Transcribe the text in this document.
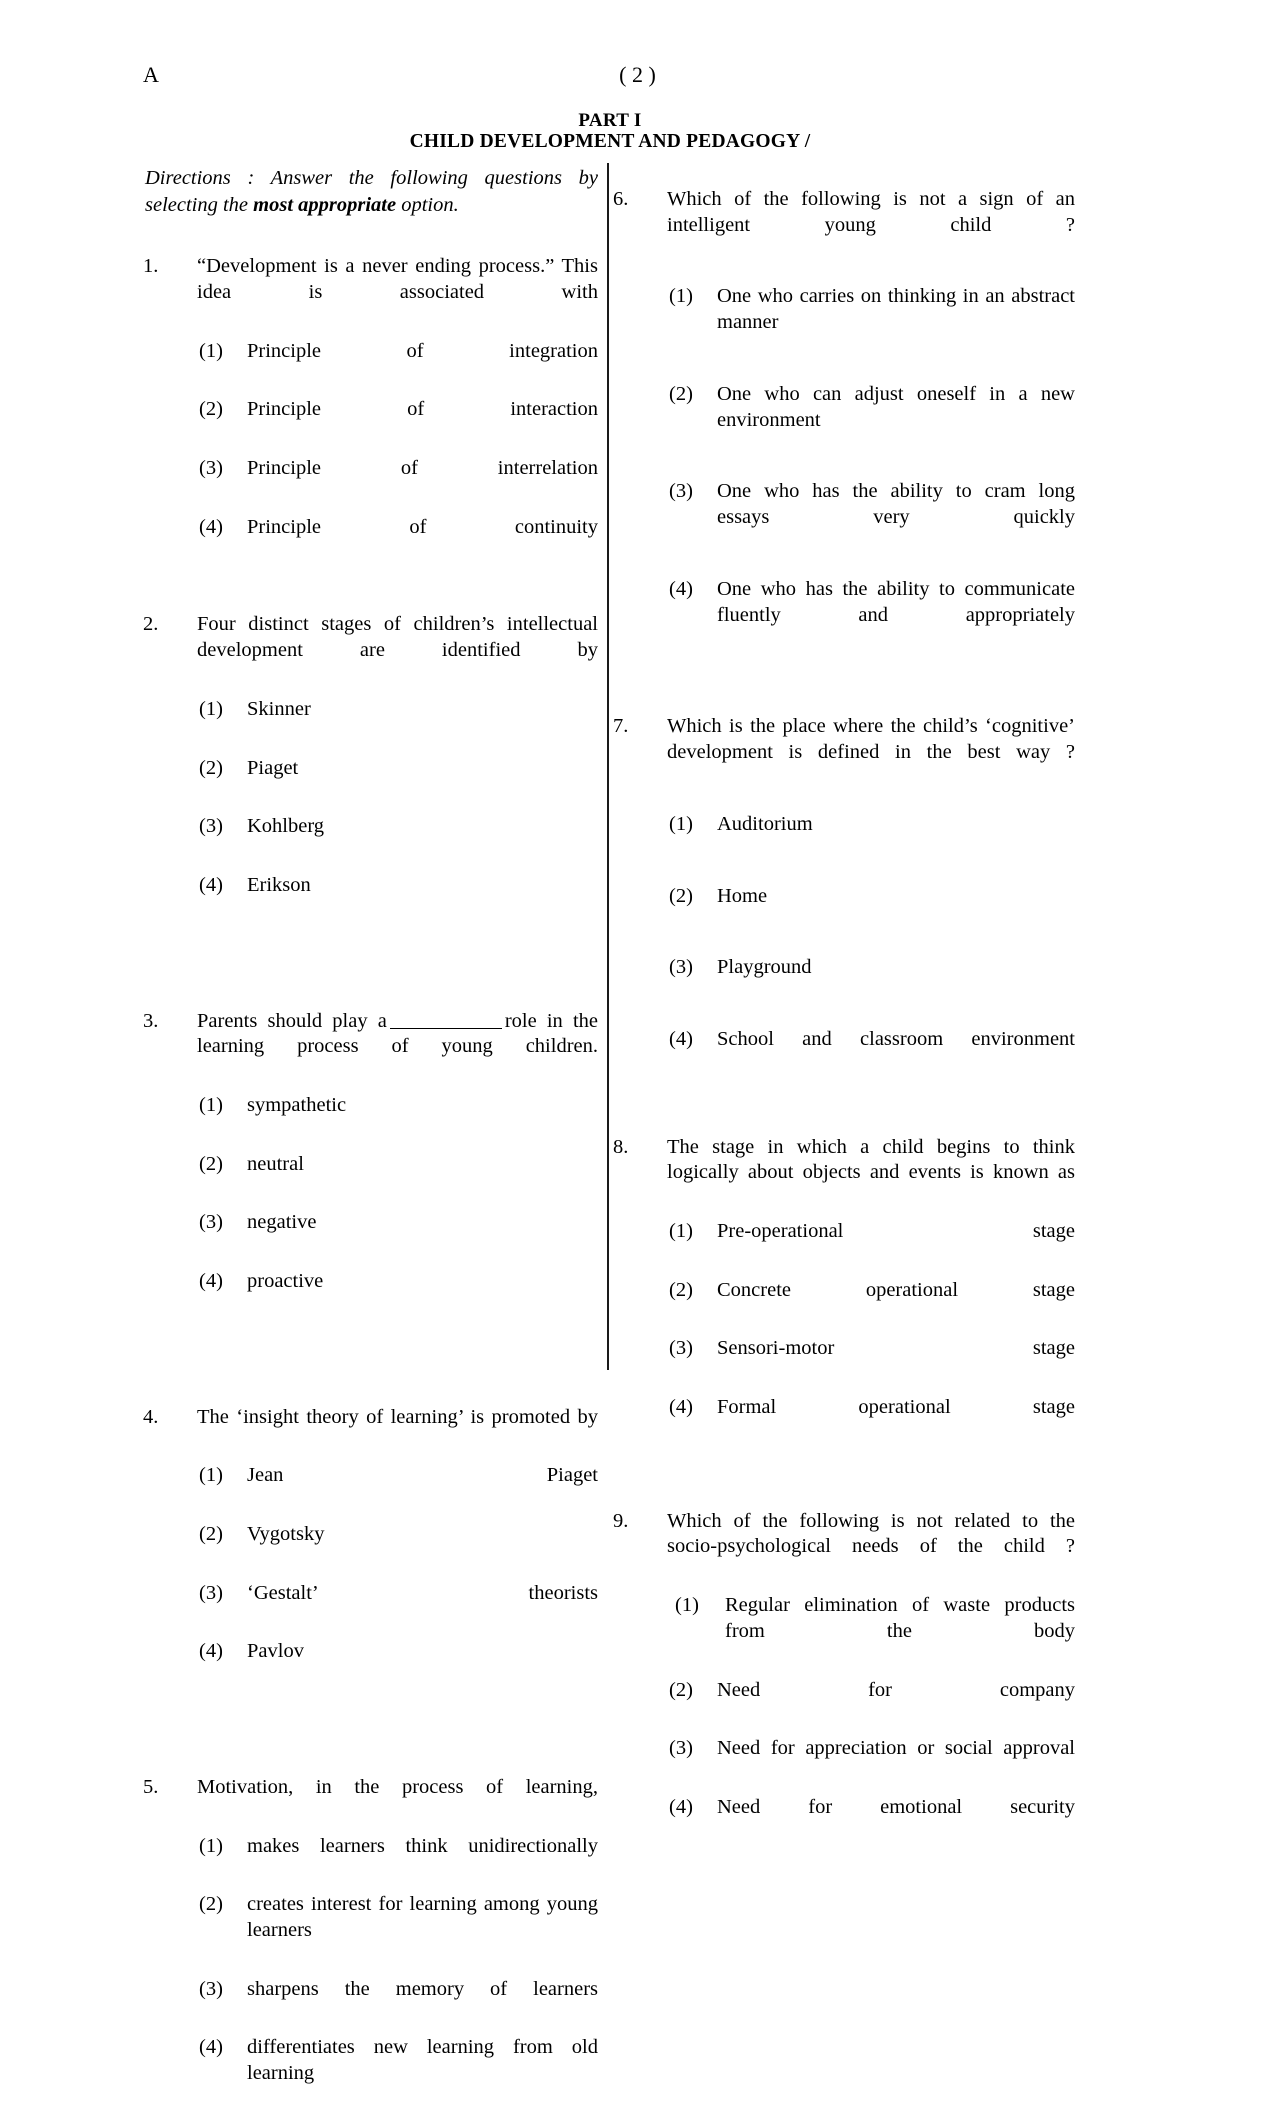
A	( 2 )
PART I
CHILD DEVELOPMENT AND PEDAGOGY /
Directions : Answer the following questions by selecting the most appropriate option.
1.	“Development is a never ending process.” This idea is associated with
(1)	Principle of integration
(2)	Principle of interaction
(3)	Principle of interrelation
(4)	Principle of continuity
2.	Four distinct stages of children’s intellectual development are identified by
(1)	Skinner
(2)	Piaget
(3)	Kohlberg
(4)	Erikson
3.	Parents should play a	role in the learning process of young children.
(1)	sympathetic
(2)	neutral
(3)	negative
(4)	proactive
4.	The ‘insight theory of learning’ is promoted by
(1)	Jean Piaget
(2)	Vygotsky
(3)	‘Gestalt’ theorists
(4)	Pavlov
5.	Motivation, in the process of learning,
(1)	makes learners think unidirectionally
(2)	creates interest for learning among young learners
(3)	sharpens the memory of learners
(4)	differentiates new learning from old learning
6.	Which of the following is not a sign of an intelligent young child ?
(1)	One who carries on thinking in an abstract manner
(2)	One who can adjust oneself in a new environment
(3)	One who has the ability to cram long essays very quickly
(4)	One who has the ability to communicate fluently and appropriately
7.	Which is the place where the child’s ‘cognitive’ development is defined in the best way ?
(1)	Auditorium
(2)	Home
(3)	Playground
(4)	School and classroom environment
8.	The stage in which a child begins to think logically about objects and events is known as
(1)	Pre-operational stage
(2)	Concrete operational stage
(3)	Sensori-motor stage
(4)	Formal operational stage
9.	Which of the following is not related to the socio-psychological needs of the child ?
(1)	Regular elimination of waste products from the body
(2)	Need for company
(3)	Need for appreciation or social approval
(4)	Need for emotional security
